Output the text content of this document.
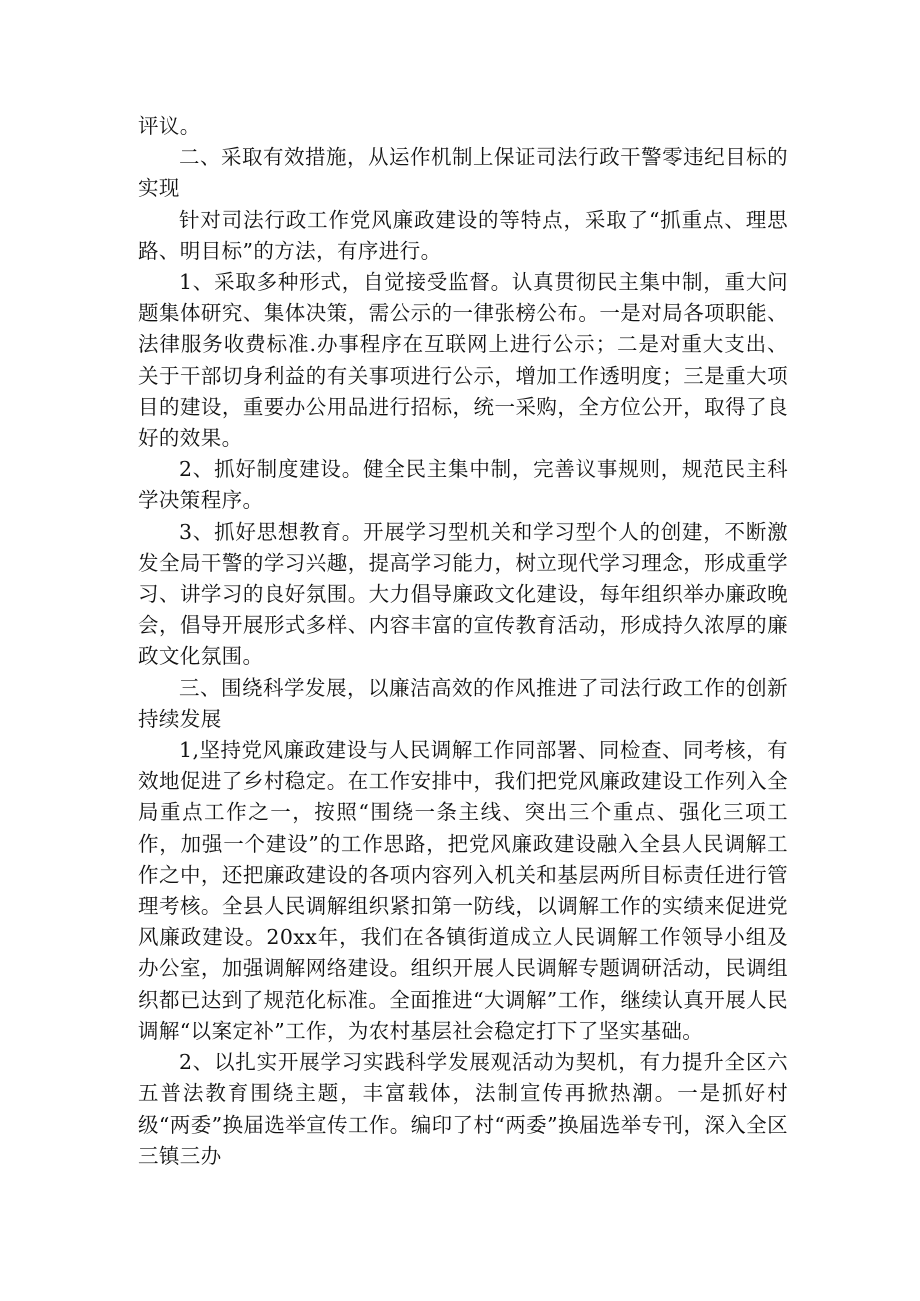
评议。

二、采取有效措施，从运作机制上保证司法行政干警零违纪目标的实现

针对司法行政工作党风廉政建设的等特点，采取了“抓重点、理思路、明目标”的方法，有序进行。

1、采取多种形式，自觉接受监督。认真贯彻民主集中制，重大问题集体研究、集体决策，需公示的一律张榜公布。一是对局各项职能、法律服务收费标准.办事程序在互联网上进行公示；二是对重大支出、关于干部切身利益的有关事项进行公示，增加工作透明度；三是重大项目的建设，重要办公用品进行招标，统一采购，全方位公开，取得了良好的效果。

2、抓好制度建设。健全民主集中制，完善议事规则，规范民主科学决策程序。

3、抓好思想教育。开展学习型机关和学习型个人的创建，不断激发全局干警的学习兴趣，提高学习能力，树立现代学习理念，形成重学习、讲学习的良好氛围。大力倡导廉政文化建设，每年组织举办廉政晚会，倡导开展形式多样、内容丰富的宣传教育活动，形成持久浓厚的廉政文化氛围。

三、围绕科学发展，以廉洁高效的作风推进了司法行政工作的创新持续发展

1,坚持党风廉政建设与人民调解工作同部署、同检查、同考核，有效地促进了乡村稳定。在工作安排中，我们把党风廉政建设工作列入全局重点工作之一，按照“围绕一条主线、突出三个重点、强化三项工作，加强一个建设”的工作思路，把党风廉政建设融入全县人民调解工作之中，还把廉政建设的各项内容列入机关和基层两所目标责任进行管理考核。全县人民调解组织紧扣第一防线，以调解工作的实绩来促进党风廉政建设。20xx年，我们在各镇街道成立人民调解工作领导小组及办公室，加强调解网络建设。组织开展人民调解专题调研活动，民调组织都已达到了规范化标准。全面推进“大调解”工作，继续认真开展人民调解“以案定补”工作，为农村基层社会稳定打下了坚实基础。

2、以扎实开展学习实践科学发展观活动为契机，有力提升全区六五普法教育围绕主题，丰富载体，法制宣传再掀热潮。一是抓好村级“两委”换届选举宣传工作。编印了村“两委”换届选举专刊，深入全区三镇三办
